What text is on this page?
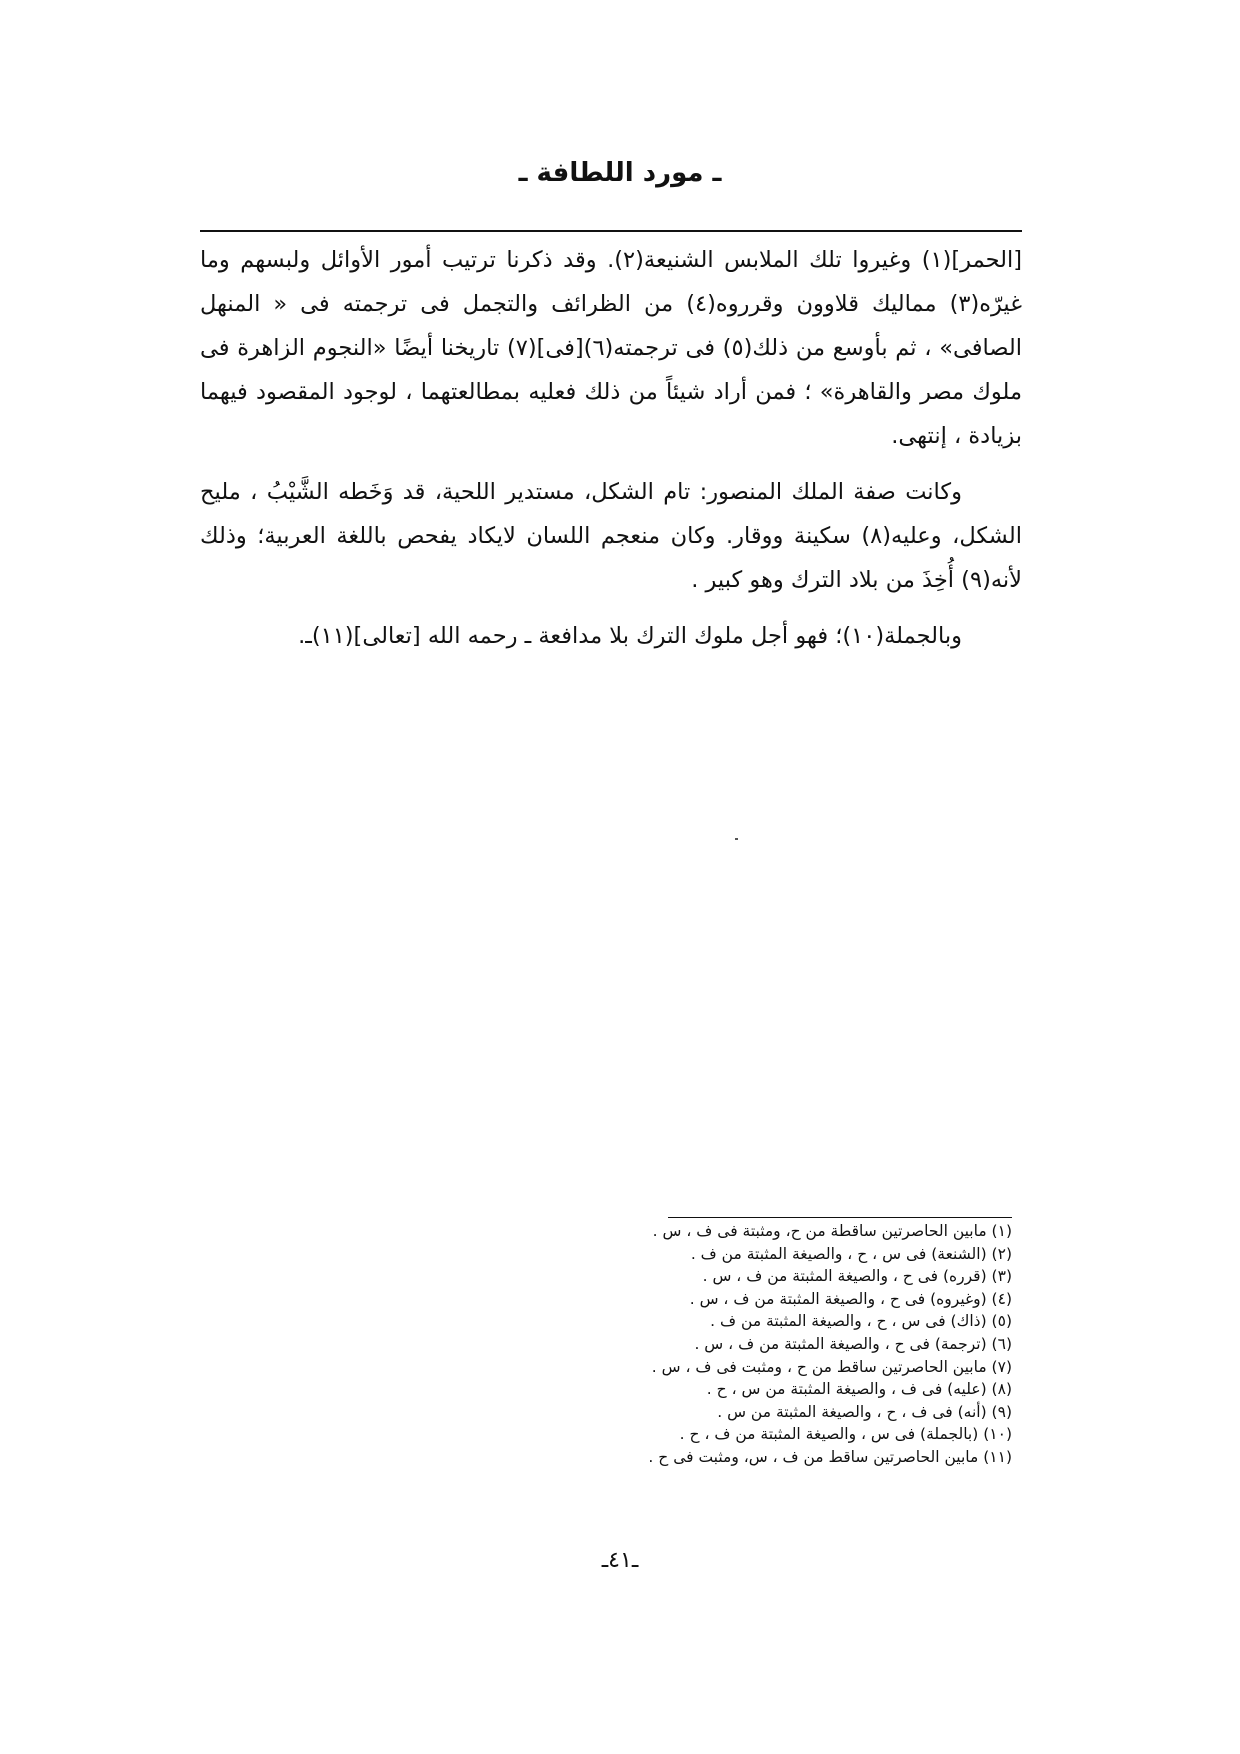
ـ مورد اللطافة ـ

[الحمر](١) وغيروا تلك الملابس الشنيعة(٢). وقد ذكرنا ترتيب أمور الأوائل ولبسهم وما غيرّه(٣) مماليك قلاوون وقرروه(٤) من الظرائف والتجمل فى ترجمته فى « المنهل الصافى» ، ثم بأوسع من ذلك(٥) فى ترجمته(٦)[فى](٧) تاريخنا أيضًا «النجوم الزاهرة فى ملوك مصر والقاهرة» ؛ فمن أراد شيئاً من ذلك فعليه بمطالعتهما ، لوجود المقصود فيهما بزيادة ، إنتهى.

وكانت صفة الملك المنصور: تام الشكل، مستدير اللحية، قد وَخَطه الشَّيْبُ ، مليح الشكل، وعليه(٨) سكينة ووقار. وكان منعجم اللسان لايكاد يفحص باللغة العربية؛ وذلك لأنه(٩) أُخِذَ من بلاد الترك وهو كبير .

وبالجملة(١٠)؛ فهو أجل ملوك الترك بلا مدافعة ـ رحمه الله [تعالى](١١)ـ.

(١) مابين الحاصرتين ساقطة من ح، ومثبتة فى ف ، س .
(٢) (الشنعة) فى س ، ح ، والصيغة المثبتة من ف .
(٣) (قرره) فى ح ، والصيغة المثبتة من ف ، س .
(٤) (وغيروه) فى ح ، والصيغة المثبتة من ف ، س .
(٥) (ذاك) فى س ، ح ، والصيغة المثبتة من ف .
(٦) (ترجمة) فى ح ، والصيغة المثبتة من ف ، س .
(٧) مابين الحاصرتين ساقط من ح ، ومثبت فى ف ، س .
(٨) (عليه) فى ف ، والصيغة المثبتة من س ، ح .
(٩) (أنه) فى ف ، ح ، والصيغة المثبتة من س .
(١٠) (بالجملة) فى س ، والصيغة المثبتة من ف ، ح .
(١١) مابين الحاصرتين ساقط من ف ، س، ومثبت فى ح .
ـ٤١ـ
